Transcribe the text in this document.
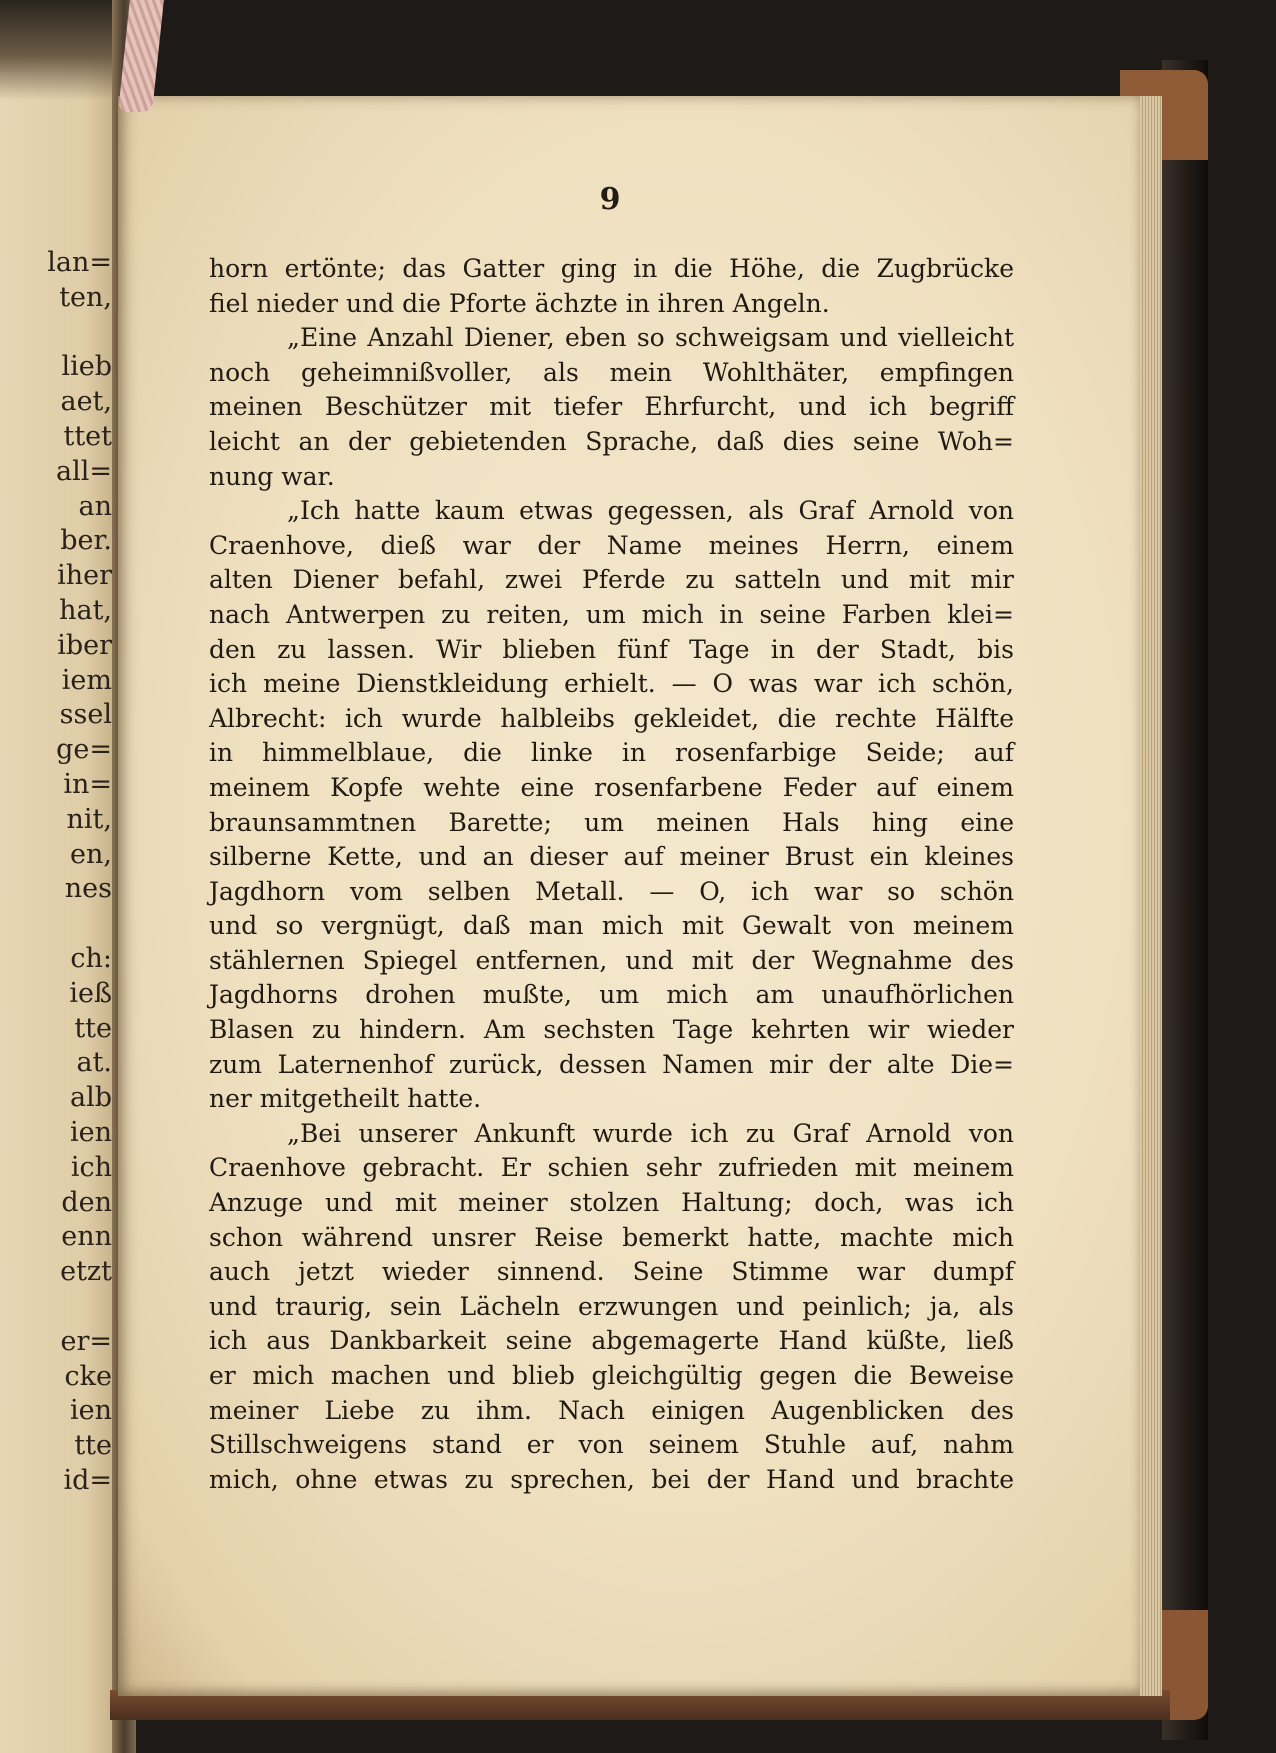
lan=
ten,
lieb
aet,
ttet
all=
an
ber.
iher
hat,
iber
iem
ssel
ge=
in=
nit,
en,
nes
ch:
ieß
tte
at.
alb
ien
ich
den
enn
etzt
er=
cke
ien
tte
id=
9
horn ertönte; das Gatter ging in die Höhe, die Zugbrücke
fiel nieder und die Pforte ächzte in ihren Angeln.
„Eine Anzahl Diener, eben so schweigsam und vielleicht
noch geheimnißvoller, als mein Wohlthäter, empfingen
meinen Beschützer mit tiefer Ehrfurcht, und ich begriff
leicht an der gebietenden Sprache, daß dies seine Woh=
nung war.
„Ich hatte kaum etwas gegessen, als Graf Arnold von
Craenhove, dieß war der Name meines Herrn, einem
alten Diener befahl, zwei Pferde zu satteln und mit mir
nach Antwerpen zu reiten, um mich in seine Farben klei=
den zu lassen. Wir blieben fünf Tage in der Stadt, bis
ich meine Dienstkleidung erhielt. — O was war ich schön,
Albrecht: ich wurde halbleibs gekleidet, die rechte Hälfte
in himmelblaue, die linke in rosenfarbige Seide; auf
meinem Kopfe wehte eine rosenfarbene Feder auf einem
braunsammtnen Barette; um meinen Hals hing eine
silberne Kette, und an dieser auf meiner Brust ein kleines
Jagdhorn vom selben Metall. — O, ich war so schön
und so vergnügt, daß man mich mit Gewalt von meinem
stählernen Spiegel entfernen, und mit der Wegnahme des
Jagdhorns drohen mußte, um mich am unaufhörlichen
Blasen zu hindern. Am sechsten Tage kehrten wir wieder
zum Laternenhof zurück, dessen Namen mir der alte Die=
ner mitgetheilt hatte.
„Bei unserer Ankunft wurde ich zu Graf Arnold von
Craenhove gebracht. Er schien sehr zufrieden mit meinem
Anzuge und mit meiner stolzen Haltung; doch, was ich
schon während unsrer Reise bemerkt hatte, machte mich
auch jetzt wieder sinnend. Seine Stimme war dumpf
und traurig, sein Lächeln erzwungen und peinlich; ja, als
ich aus Dankbarkeit seine abgemagerte Hand küßte, ließ
er mich machen und blieb gleichgültig gegen die Beweise
meiner Liebe zu ihm. Nach einigen Augenblicken des
Stillschweigens stand er von seinem Stuhle auf, nahm
mich, ohne etwas zu sprechen, bei der Hand und brachte
